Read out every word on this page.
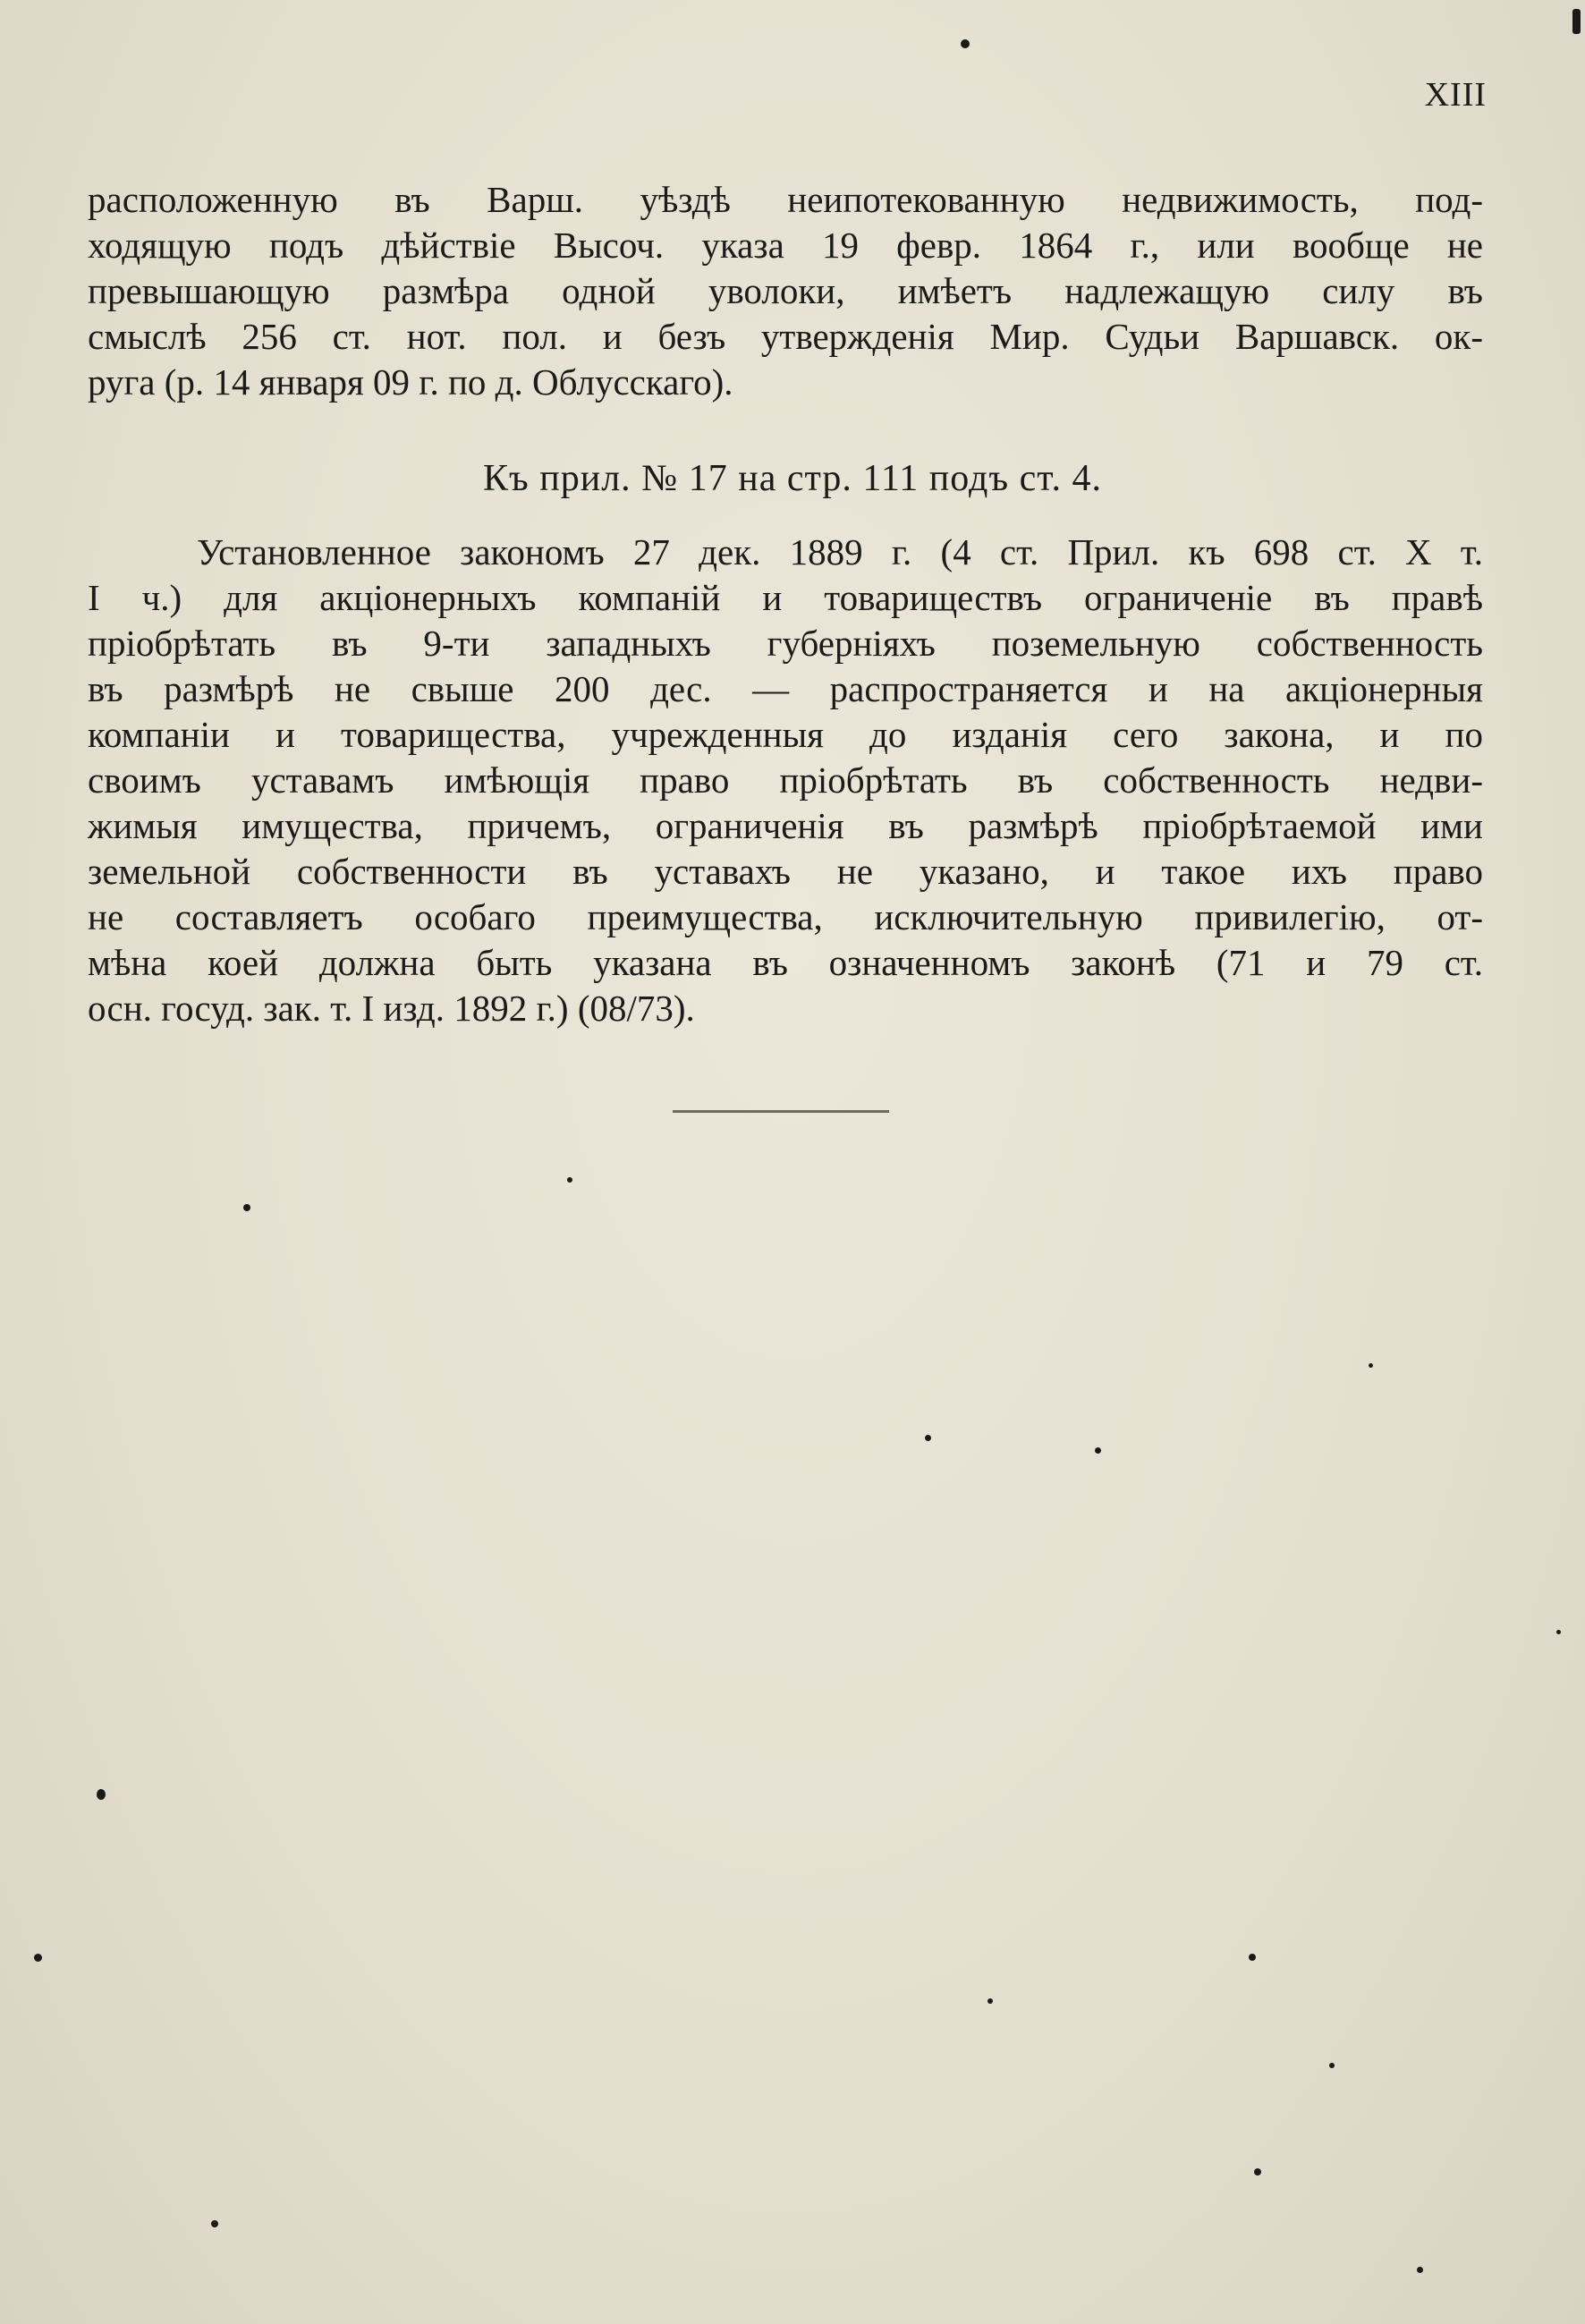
XIII
расположенную въ Варш. уѣздѣ неипотекованную недвижимость, под-
ходящую подъ дѣйствіе Высоч. указа 19 февр. 1864 г., или вообще не
превышающую размѣра одной уволоки, имѣетъ надлежащую силу въ
смыслѣ 256 ст. нот. пол. и безъ утвержденія Мир. Судьи Варшавск. ок-
руга (р. 14 января 09 г. по д. Облусскаго).
Къ прил. № 17 на стр. 111 подъ ст. 4.
Установленное закономъ 27 дек. 1889 г. (4 ст. Прил. къ 698 ст. X т.
I ч.) для акціонерныхъ компаній и товариществъ ограниченіе въ правѣ
пріобрѣтать въ 9-ти западныхъ губерніяхъ поземельную собственность
въ размѣрѣ не свыше 200 дес. — распространяется и на акціонерныя
компаніи и товарищества, учрежденныя до изданія сего закона, и по
своимъ уставамъ имѣющія право пріобрѣтать въ собственность недви-
жимыя имущества, причемъ, ограниченія въ размѣрѣ пріобрѣтаемой ими
земельной собственности въ уставахъ не указано, и такое ихъ право
не составляетъ особаго преимущества, исключительную привилегію, от-
мѣна коей должна быть указана въ означенномъ законѣ (71 и 79 ст.
осн. госуд. зак. т. I изд. 1892 г.) (08/73).
